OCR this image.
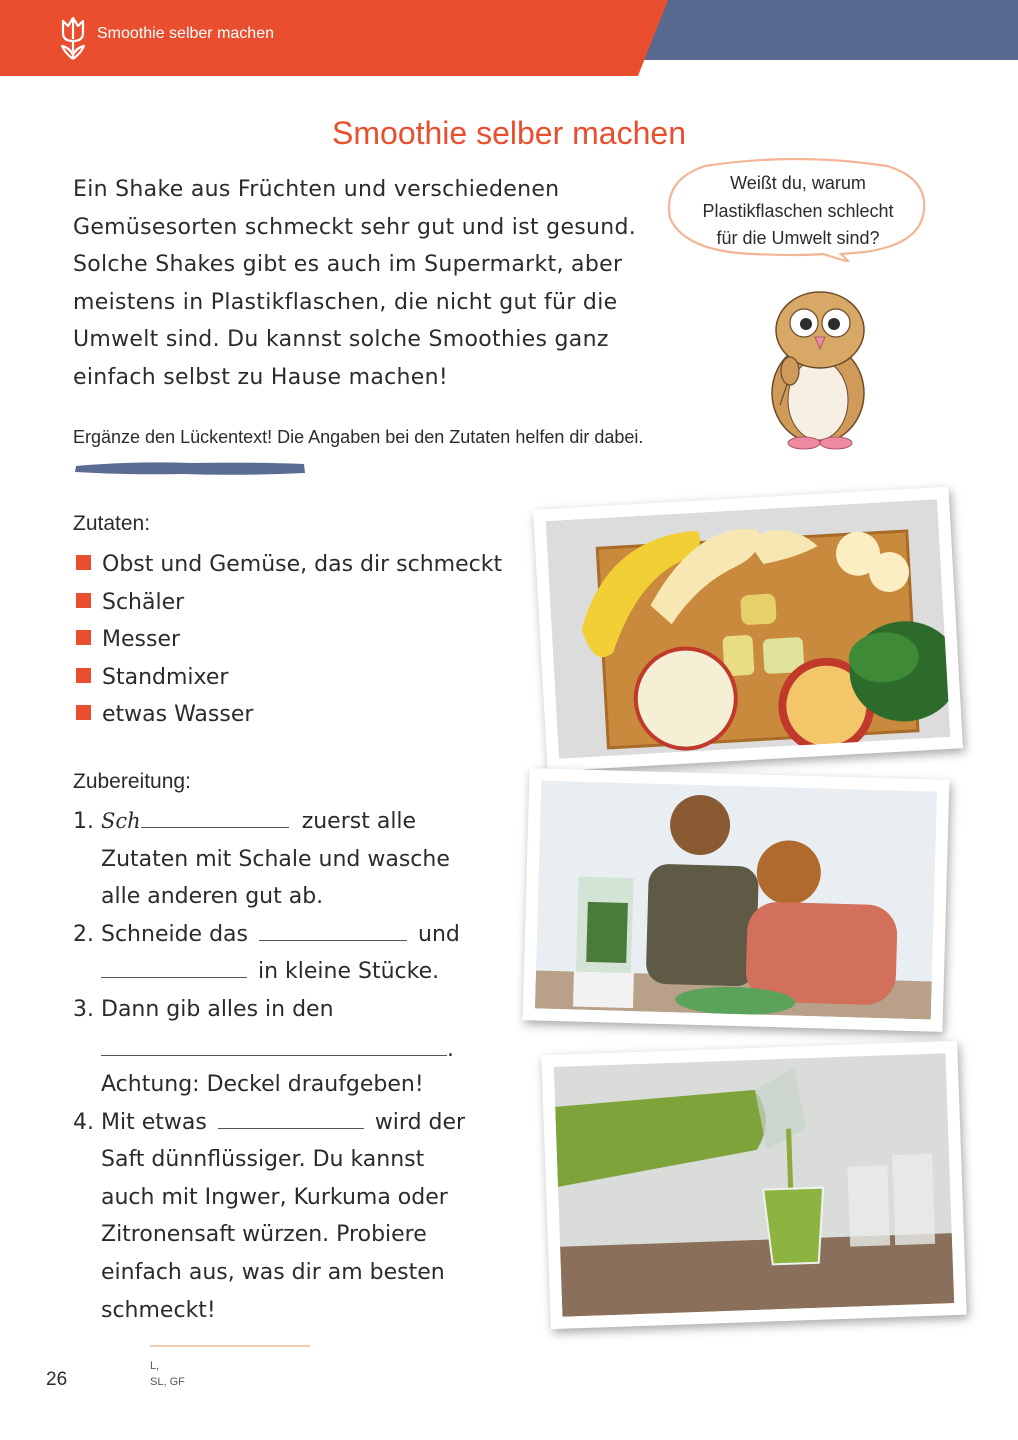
Smoothie selber machen
Smoothie selber machen
Ein Shake aus Früchten und verschiedenen
Gemüsesorten schmeckt sehr gut und ist gesund.
Solche Shakes gibt es auch im Supermarkt, aber
meistens in Plastikflaschen, die nicht gut für die
Umwelt sind. Du kannst solche Smoothies ganz
einfach selbst zu Hause machen!
Weißt du, warum
Plastikflaschen schlecht
für die Umwelt sind?
Ergänze den Lückentext! Die Angaben bei den Zutaten helfen dir dabei.
Zutaten:
Obst und Gemüse, das dir schmeckt
Schäler
Messer
Standmixer
etwas Wasser
Zubereitung:
1. Sch	zuerst alle
Zutaten mit Schale und wasche
alle anderen gut ab.
2. Schneide das	und
in kleine Stücke.
3. Dann gib alles in den
.
Achtung: Deckel draufgeben!
4. Mit etwas	wird der
Saft dünnflüssiger. Du kannst
auch mit Ingwer, Kurkuma oder
Zitronensaft würzen. Probiere
einfach aus, was dir am besten
schmeckt!
26
L,
SL, GF
